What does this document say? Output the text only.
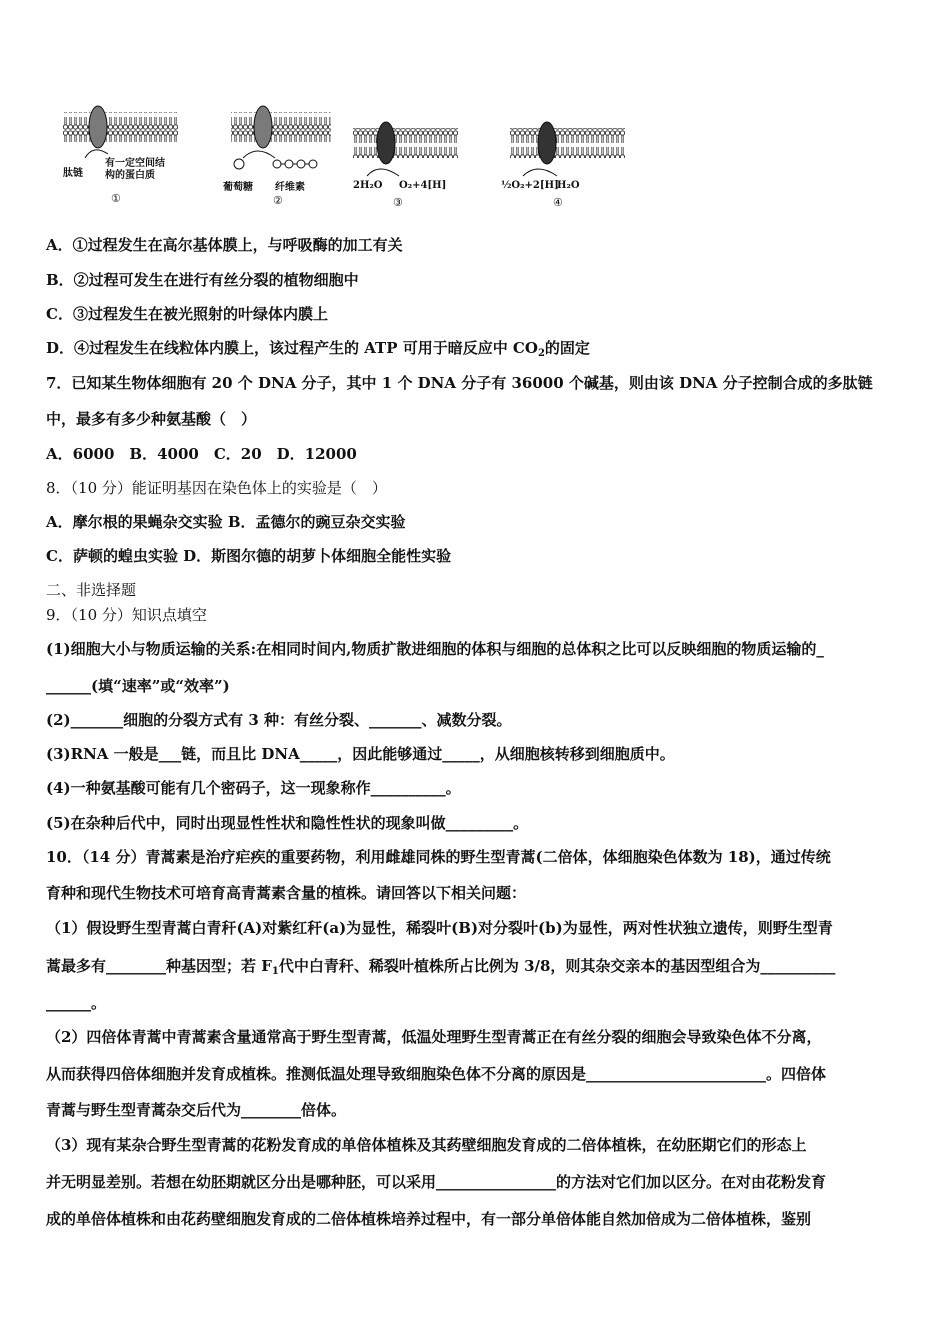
肽链
有一定空间结
构的蛋白质
①
葡萄糖 纤维素
②
2H₂O O₂+4[H]
③
½O₂+2[H]
H₂O
④
A．①过程发生在高尔基体膜上，与呼吸酶的加工有关
B．②过程可发生在进行有丝分裂的植物细胞中
C．③过程发生在被光照射的叶绿体内膜上
D．④过程发生在线粒体内膜上，该过程产生的 ATP 可用于暗反应中 $CO_2$的固定
7．已知某生物体细胞有 20 个 DNA 分子，其中 1 个 DNA 分子有 36000 个碱基，则由该 DNA 分子控制合成的多肽链
中，最多有多少种氨基酸（　）
A．6000　B．4000　C．20　D．12000
8．（10 分）能证明基因在染色体上的实验是（　）
A．摩尔根的果蝇杂交实验 B．孟德尔的豌豆杂交实验
C．萨顿的蝗虫实验 D．斯图尔德的胡萝卜体细胞全能性实验
二、非选择题
9．（10 分）知识点填空
(1)细胞大小与物质运输的关系:在相同时间内,物质扩散进细胞的体积与细胞的总体积之比可以反映细胞的物质运输的_
______(填“速率”或“效率”)
(2)_______细胞的分裂方式有 3 种：有丝分裂、_______、减数分裂。
(3)RNA 一般是___链，而且比 DNA_____，因此能够通过_____，从细胞核转移到细胞质中。
(4)一种氨基酸可能有几个密码子，这一现象称作__________。
(5)在杂种后代中，同时出现显性性状和隐性性状的现象叫做_________。
10．（14 分）青蒿素是治疗疟疾的重要药物，利用雌雄同株的野生型青蒿(二倍体，体细胞染色体数为 18)，通过传统
育种和现代生物技术可培育高青蒿素含量的植株。请回答以下相关问题：
（1）假设野生型青蒿白青秆(A)对紫红秆(a)为显性，稀裂叶(B)对分裂叶(b)为显性，两对性状独立遗传，则野生型青
蒿最多有________种基因型；若 $F_1$代中白青秆、稀裂叶植株所占比例为 3/8，则其杂交亲本的基因型组合为__________
______。
（2）四倍体青蒿中青蒿素含量通常高于野生型青蒿，低温处理野生型青蒿正在有丝分裂的细胞会导致染色体不分离，
从而获得四倍体细胞并发育成植株。推测低温处理导致细胞染色体不分离的原因是________________________。四倍体
青蒿与野生型青蒿杂交后代为________倍体。
（3）现有某杂合野生型青蒿的花粉发育成的单倍体植株及其药壁细胞发育成的二倍体植株，在幼胚期它们的形态上
并无明显差别。若想在幼胚期就区分出是哪种胚，可以采用________________的方法对它们加以区分。在对由花粉发育
成的单倍体植株和由花药壁细胞发育成的二倍体植株培养过程中，有一部分单倍体能自然加倍成为二倍体植株，鉴别
